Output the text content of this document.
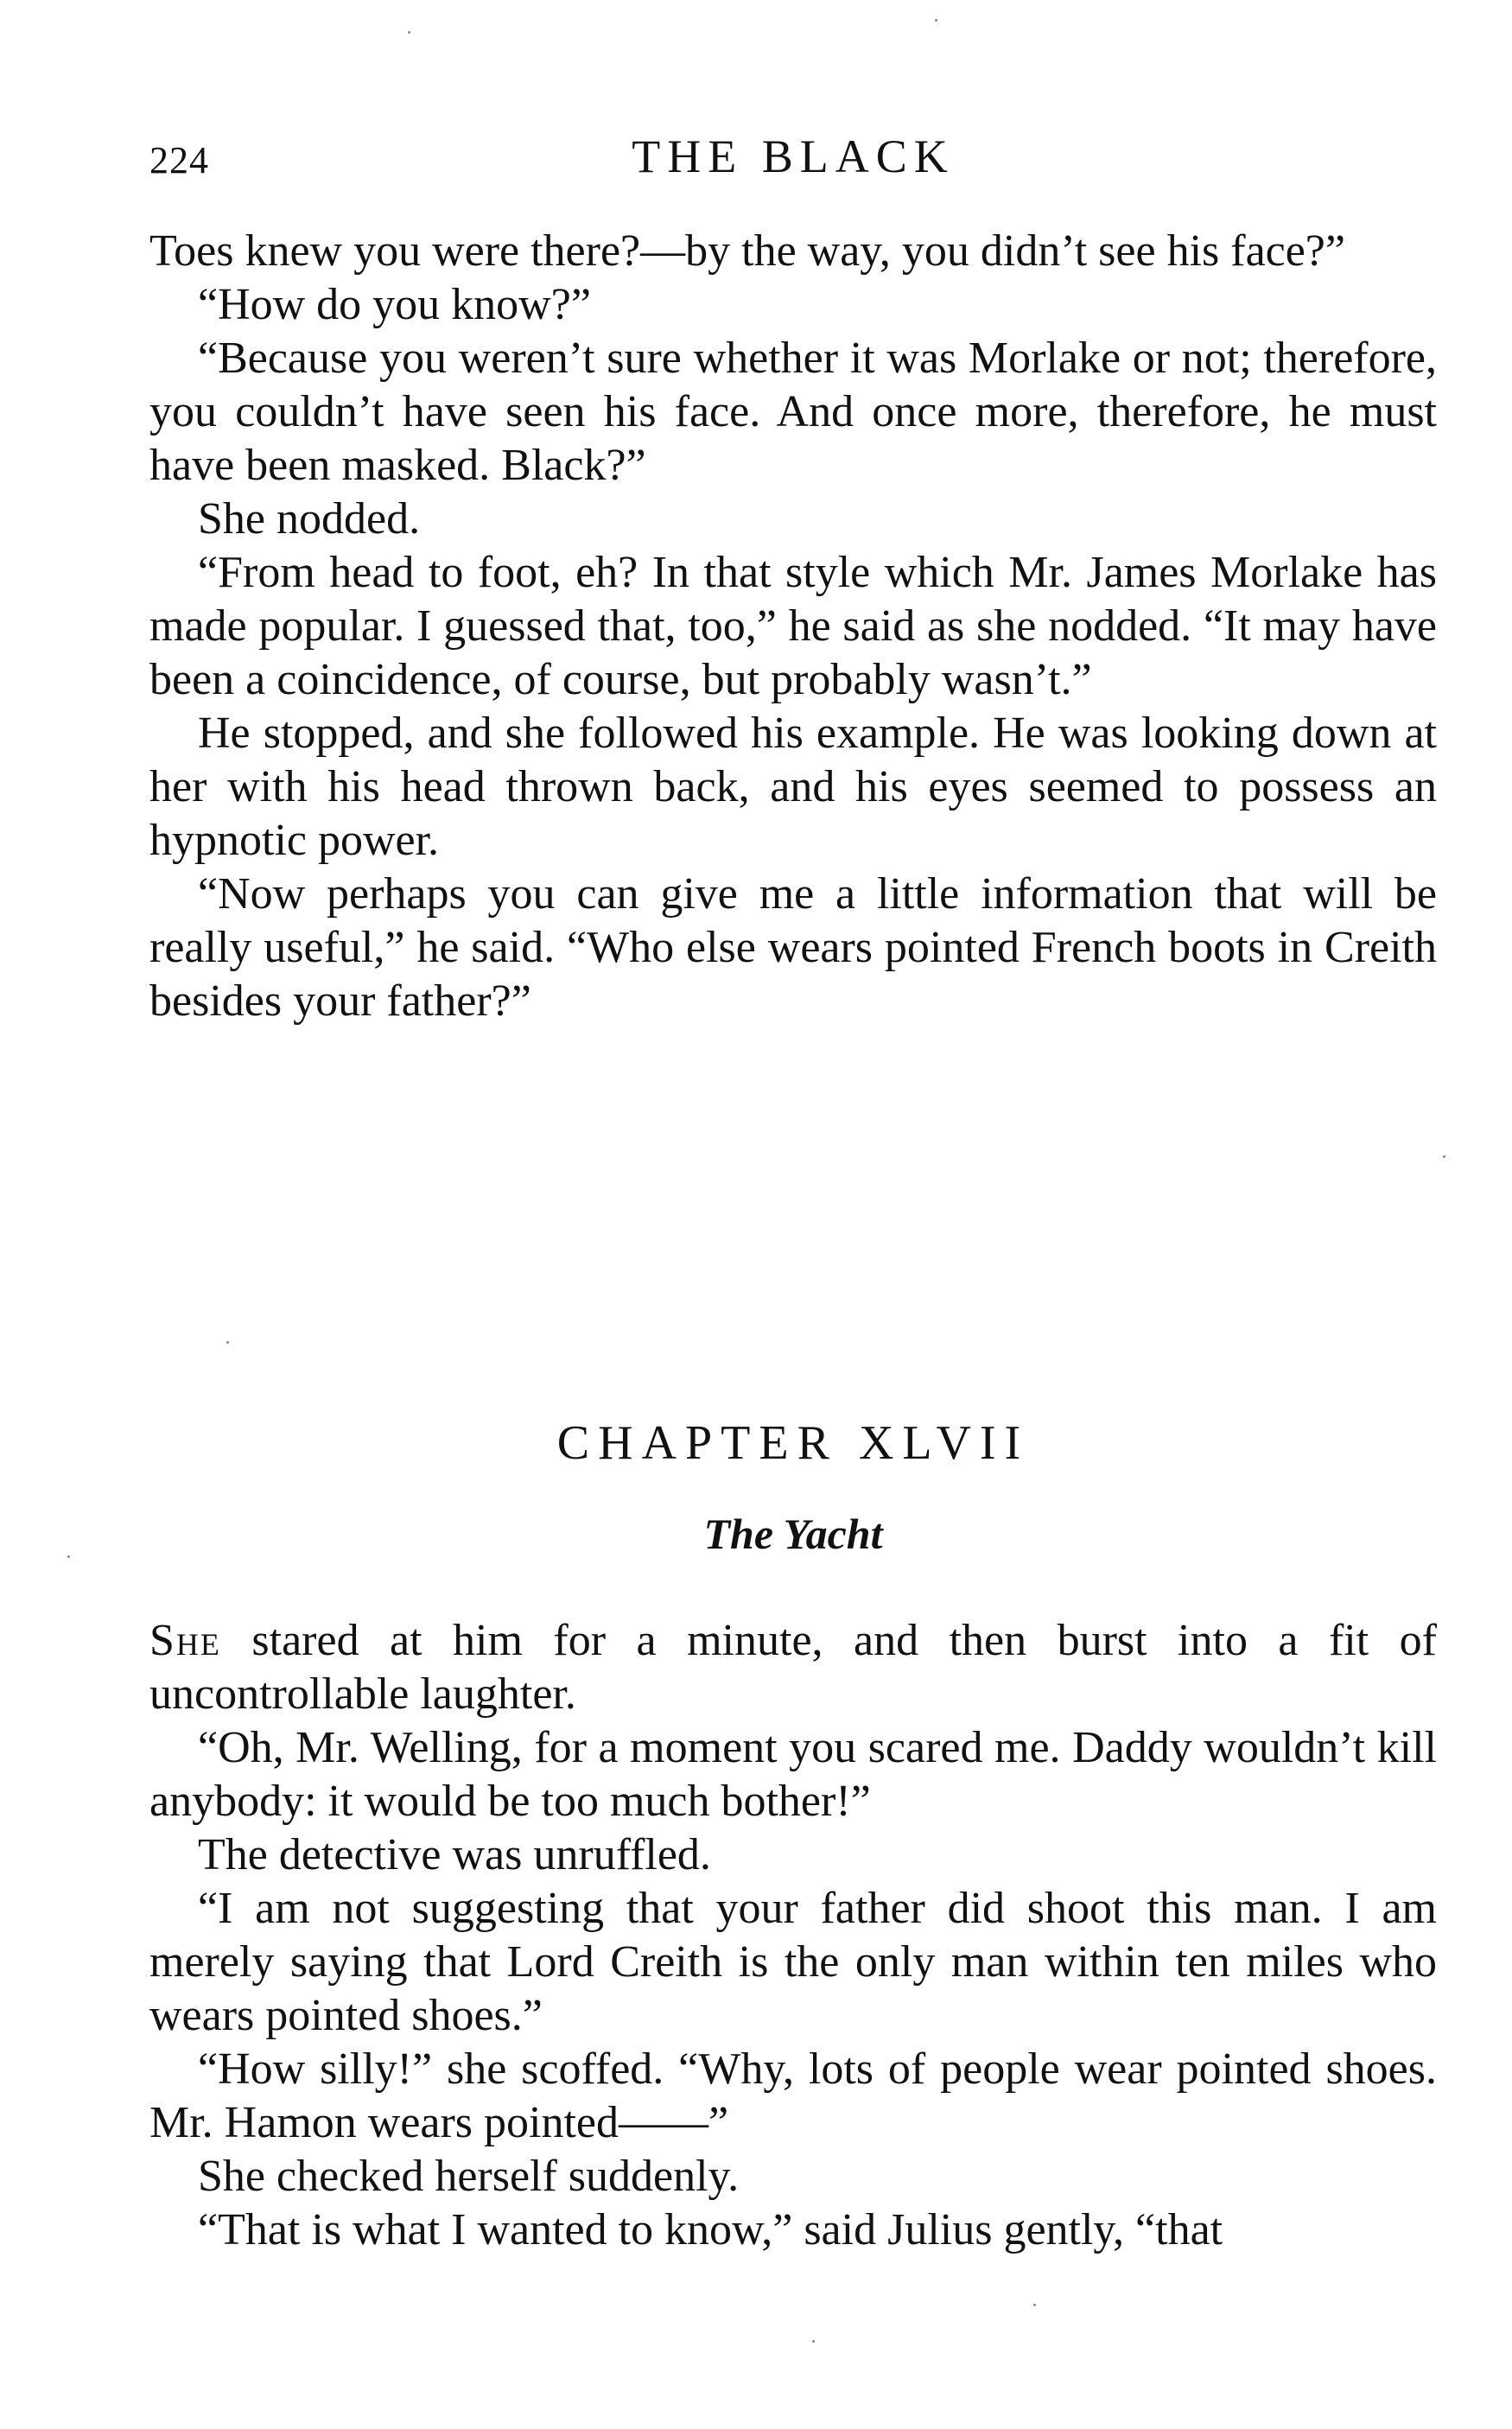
224	THE BLACK

Toes knew you were there?—by the way, you didn’t see his face?”

“How do you know?”

“Because you weren’t sure whether it was Morlake or not; therefore, you couldn’t have seen his face. And once more, therefore, he must have been masked. Black?”

She nodded.

“From head to foot, eh? In that style which Mr. James Morlake has made popular. I guessed that, too,” he said as she nodded. “It may have been a coincidence, of course, but probably wasn’t.”

He stopped, and she followed his example. He was looking down at her with his head thrown back, and his eyes seemed to possess an hypnotic power.

“Now perhaps you can give me a little information that will be really useful,” he said. “Who else wears pointed French boots in Creith besides your father?”

CHAPTER XLVII
The Yacht

She stared at him for a minute, and then burst into a fit of uncontrollable laughter.

“Oh, Mr. Welling, for a moment you scared me. Daddy wouldn’t kill anybody: it would be too much bother!”

The detective was unruffled.

“I am not suggesting that your father did shoot this man. I am merely saying that Lord Creith is the only man within ten miles who wears pointed shoes.”

“How silly!” she scoffed. “Why, lots of people wear pointed shoes. Mr. Hamon wears pointed——”

She checked herself suddenly.

“That is what I wanted to know,” said Julius gently, “that
